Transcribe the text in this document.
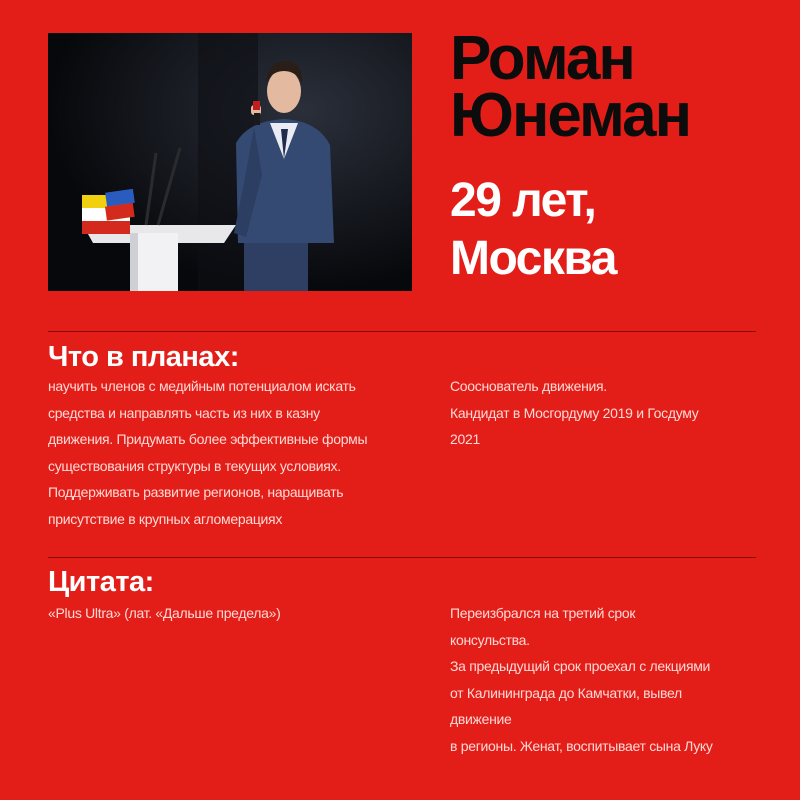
Роман
Юнеман
29 лет,
Москва
Что в планах:
научить членов с медийным потенциалом искать
средства и направлять часть из них в казну
движения. Придумать более эффективные формы
существования структуры в текущих условиях.
Поддерживать развитие регионов, наращивать
присутствие в крупных агломерациях
Сооснователь движения.
Кандидат в Мосгордуму 2019 и Госдуму
2021
Цитата:
«Plus Ultra» (лат. «Дальше предела»)	Переизбрался на третий срок
консульства.
За предыдущий срок проехал с лекциями
от Калининграда до Камчатки, вывел
движение
в регионы. Женат, воспитывает сына Луку
